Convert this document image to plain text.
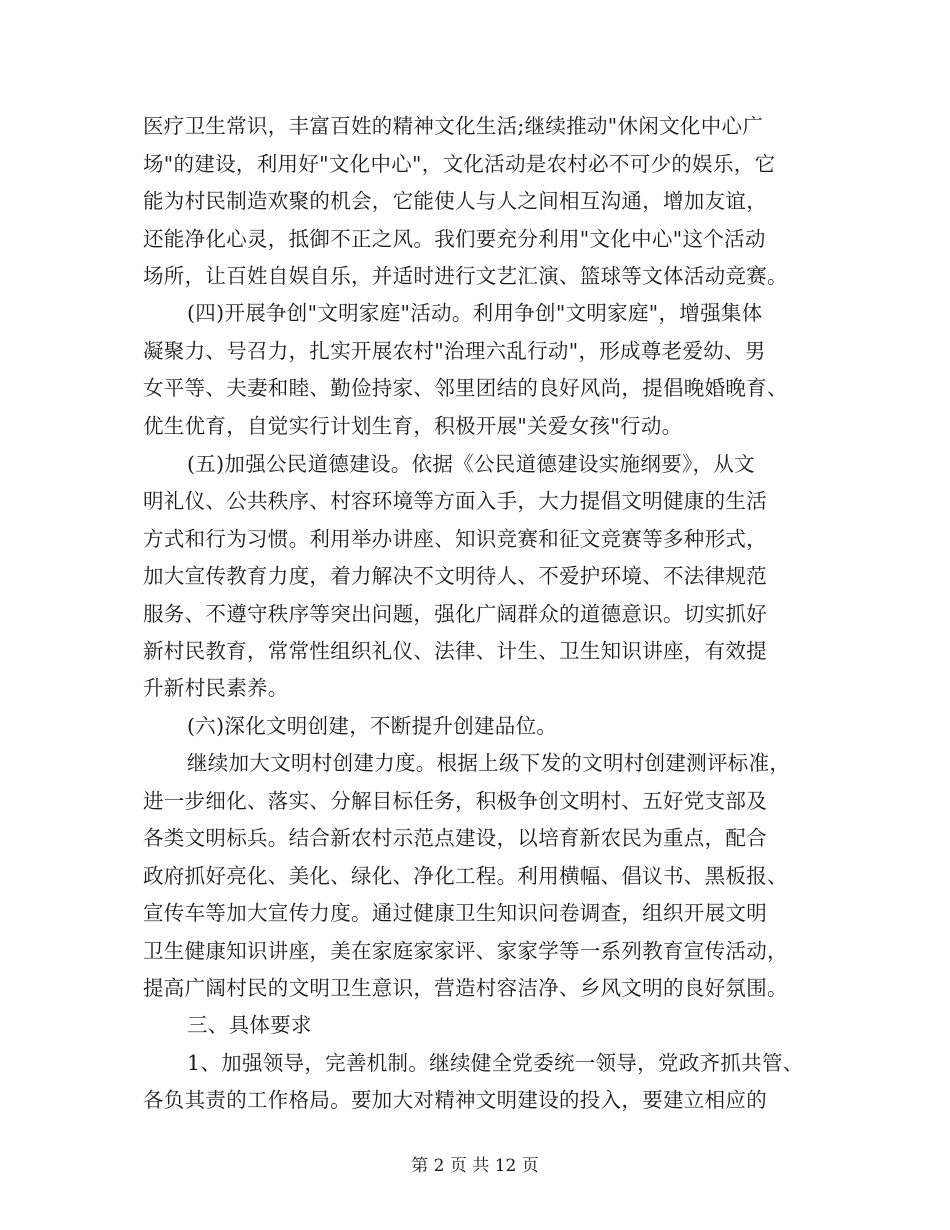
医疗卫生常识，丰富百姓的精神文化生活;继续推动"休闲文化中心广
场"的建设，利用好"文化中心"，文化活动是农村必不可少的娱乐，它
能为村民制造欢聚的机会，它能使人与人之间相互沟通，增加友谊，
还能净化心灵，抵御不正之风。我们要充分利用"文化中心"这个活动
场所，让百姓自娱自乐，并适时进行文艺汇演、篮球等文体活动竞赛。
(四)开展争创"文明家庭"活动。利用争创"文明家庭"，增强集体
凝聚力、号召力，扎实开展农村"治理六乱行动"，形成尊老爱幼、男
女平等、夫妻和睦、勤俭持家、邻里团结的良好风尚，提倡晚婚晚育、
优生优育，自觉实行计划生育，积极开展"关爱女孩"行动。
(五)加强公民道德建设。依据《公民道德建设实施纲要》，从文
明礼仪、公共秩序、村容环境等方面入手，大力提倡文明健康的生活
方式和行为习惯。利用举办讲座、知识竞赛和征文竞赛等多种形式，
加大宣传教育力度，着力解决不文明待人、不爱护环境、不法律规范
服务、不遵守秩序等突出问题，强化广阔群众的道德意识。切实抓好
新村民教育，常常性组织礼仪、法律、计生、卫生知识讲座，有效提
升新村民素养。
(六)深化文明创建，不断提升创建品位。
继续加大文明村创建力度。根据上级下发的文明村创建测评标准，
进一步细化、落实、分解目标任务，积极争创文明村、五好党支部及
各类文明标兵。结合新农村示范点建设，以培育新农民为重点，配合
政府抓好亮化、美化、绿化、净化工程。利用横幅、倡议书、黑板报、
宣传车等加大宣传力度。通过健康卫生知识问卷调查，组织开展文明
卫生健康知识讲座，美在家庭家家评、家家学等一系列教育宣传活动，
提高广阔村民的文明卫生意识，营造村容洁净、乡风文明的良好氛围。
三、具体要求
1、加强领导，完善机制。继续健全党委统一领导，党政齐抓共管、
各负其责的工作格局。要加大对精神文明建设的投入，要建立相应的
第 2 页 共 12 页
